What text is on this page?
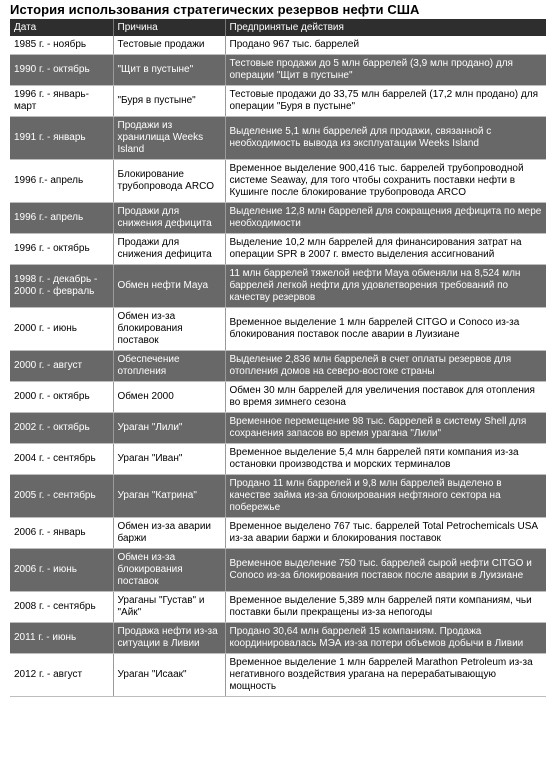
История использования стратегических резервов нефти США
Дата	Причина	Предпринятые действия
1985 г. - ноябрь	Тестовые продажи	Продано 967 тыс. баррелей
1990 г. - октябрь	"Щит в пустыне"	Тестовые продажи до 5 млн баррелей (3,9 млн продано) для операции "Щит в пустыне"
1996 г. - январь-март	"Буря в пустыне"	Тестовые продажи до 33,75 млн баррелей (17,2 млн продано) для операции "Буря в пустыне"
1991 г. - январь	Продажи из хранилища Weeks Island	Выделение 5,1 млн баррелей для продажи, связанной с необходимость вывода из эксплуатации Weeks Island
1996 г.- апрель	Блокирование трубопровода ARCO	Временное выделение 900,416 тыс. баррелей трубопроводной системе Seaway, для того чтобы сохранить поставки нефти в Кушинге после блокирование трубопровода ARCO
1996 г.- апрель	Продажи для снижения дефицита	Выделение 12,8 млн баррелей для сокращения дефицита по мере необходимости
1996 г. - октябрь	Продажи для снижения дефицита	Выделение 10,2 млн баррелей для финансирования затрат на операции SPR в 2007 г. вместо выделения ассигнований
1998 г. - декабрь - 2000 г. - февраль	Обмен нефти Maya	11 млн баррелей тяжелой нефти Maya обменяли на 8,524 млн баррелей легкой нефти для удовлетворения требований по качеству резервов
2000 г. - июнь	Обмен из-за блокирования поставок	Временное выделение 1 млн баррелей CITGO и Conoco из-за блокирования поставок после аварии в Луизиане
2000 г. - август	Обеспечение отопления	Выделение 2,836 млн баррелей в счет оплаты резервов для отопления домов на северо-востоке страны
2000 г. - октябрь	Обмен 2000	Обмен 30 млн баррелей для увеличения поставок для отопления во время зимнего сезона
2002 г. - октябрь	Ураган "Лили"	Временное перемещение 98 тыс. баррелей в систему Shell для сохранения запасов во время урагана "Лили"
2004 г. - сентябрь	Ураган "Иван"	Временное выделение 5,4 млн баррелей пяти компания из-за остановки производства и морских терминалов
2005 г. - сентябрь	Ураган "Катрина"	Продано 11 млн баррелей и 9,8 млн баррелей выделено в качестве займа из-за блокирования нефтяного сектора на побережье
2006 г. - январь	Обмен из-за аварии баржи	Временное выделено 767 тыс. баррелей Total Petrochemicals USA из-за аварии баржи и блокирования поставок
2006 г. - июнь	Обмен из-за блокирования поставок	Временное выделение 750 тыс. баррелей сырой нефти CITGO и Conoco из-за блокирования поставок после аварии в Луизиане
2008 г. - сентябрь	Ураганы "Густав" и "Айк"	Временное выделение 5,389 млн баррелей пяти компаниям, чьи поставки были прекращены из-за непогоды
2011 г. - июнь	Продажа нефти из-за ситуации в Ливии	Продано 30,64 млн баррелей 15 компаниям. Продажа координировалась МЭА из-за потери объемов добычи в Ливии
2012 г. - август	Ураган "Исаак"	Временное выделение 1 млн баррелей Marathon Petroleum из-за негативного воздействия урагана на перерабатывающую мощность
